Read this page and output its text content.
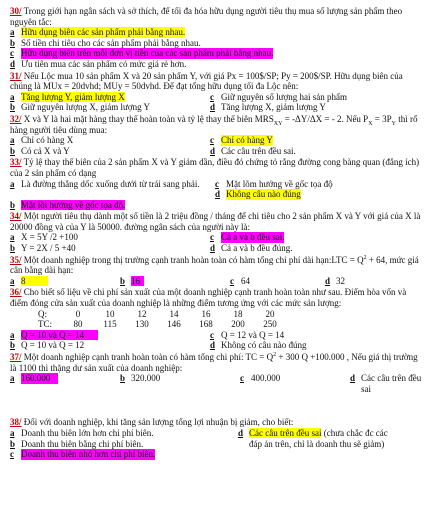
30/ Trong giới hạn ngân sách và sở thích, để tối đa hóa hữu dụng người tiêu thụ mua số lượng sản phẩm theo nguyên tắc:

a Hữu dụng biên các sản phẩm phải bằng nhau.
b Số tiền chi tiêu cho các sản phẩm phải bằng nhau.
c Hữu dụng biên trên mỗi đơn vị tiền của các sản phẩm phải bằng nhau.
d Ưu tiên mua các sản phẩm có mức giá rẻ hơn.

31/ Nếu Lộc mua 10 sản phẩm X và 20 sản phẩm Y, với giá Px = 100$/SP; Py = 200$/SP. Hữu dụng biên của chúng là MUx = 20dvhd; MUy = 50dvhd. Để đạt tổng hữu dụng tối đa Lộc nên:

a Tăng lượng Y, giảm lượng X	c Giữ nguyên số lượng hai sản phẩm
b Giữ nguyên lượng X, giảm lượng Y	d Tăng lượng X, giảm lượng Y

32/ X và Y là hai mặt hàng thay thế hoàn toàn và tỷ lệ thay thế biên $MRS_{XY} = -\Delta Y/\Delta X$ = - 2. Nếu $P_X = 3P_Y$ thì rổ hàng người tiêu dùng mua:

a Chỉ có hàng X	c Chỉ có hàng Y
b Có cả X và Y	d Các câu trên đều sai.

33/ Tỷ lệ thay thế biên của 2 sản phẩm X và Y giảm dần, điều đó chứng tỏ rằng đường cong bàng quan (đẳng ích) của 2 sản phẩm có dạng

a Là đường thẳng dốc xuống dưới từ trái sang phải. c Mặt lõm hướng về gốc tọa độ
d Không câu nào đúng
b Mặt lồi hướng về gốc tọa độ.

34/ Một người tiêu thụ dành một số tiền là 2 triệu đồng / tháng để chi tiêu cho 2 sản phẩm X và Y với giá của X là 20000 đồng và của Y là 50000. đường ngân sách của người này là:

a X = 5Y /2 +100	c Cả a và b đều sai.
b Y = 2X / 5 +40	d Cả a và b đều đúng.

35/ Một doanh nghiệp trong thị trường cạnh tranh hoàn toàn có hàm tổng chi phí dài hạn:LTC = $Q^2 + 64$, mức giá cân bằng dài hạn:

a 8	b 16	c 64	d 32

36/ Cho biết số liệu về chi phí sản xuất của một doanh nghiệp cạnh tranh hoàn toàn như sau. Điểm hòa vốn và điểm đóng cửa sản xuất của doanh nghiệp là những điểm tương ứng với các mức sản lượng:

Q:	0	10	12	14	16	18	20
TC:	80	115	130	146	168	200	250
a Q = 10 và Q = 14	c Q = 12 và Q = 14
b Q = 10 và Q = 12	d Không có câu nào đúng

37/ Một doanh nghiệp cạnh tranh hoàn toàn có hàm tổng chi phí: TC = $Q^2 + 300$ Q +100.000 , Nếu giá thị trường là 1100 thì thặng dư sản xuất của doanh nghiệp:

a 160.000	b 320.000	c 400.000	d Các câu trên đều sai

38/ Đối với doanh nghiệp, khi tăng sản lượng tổng lợi nhuận bị giảm, cho biết:

a Doanh thu biên lớn hơn chi phí biên.	d Các câu trên đều sai (chưa chắc đc các
b Doanh thu biên bằng chi phí biên.	đáp án trên, chỉ là doanh thu sẽ giảm)
c Doanh thu biên nhỏ hơn chi phí biên.
